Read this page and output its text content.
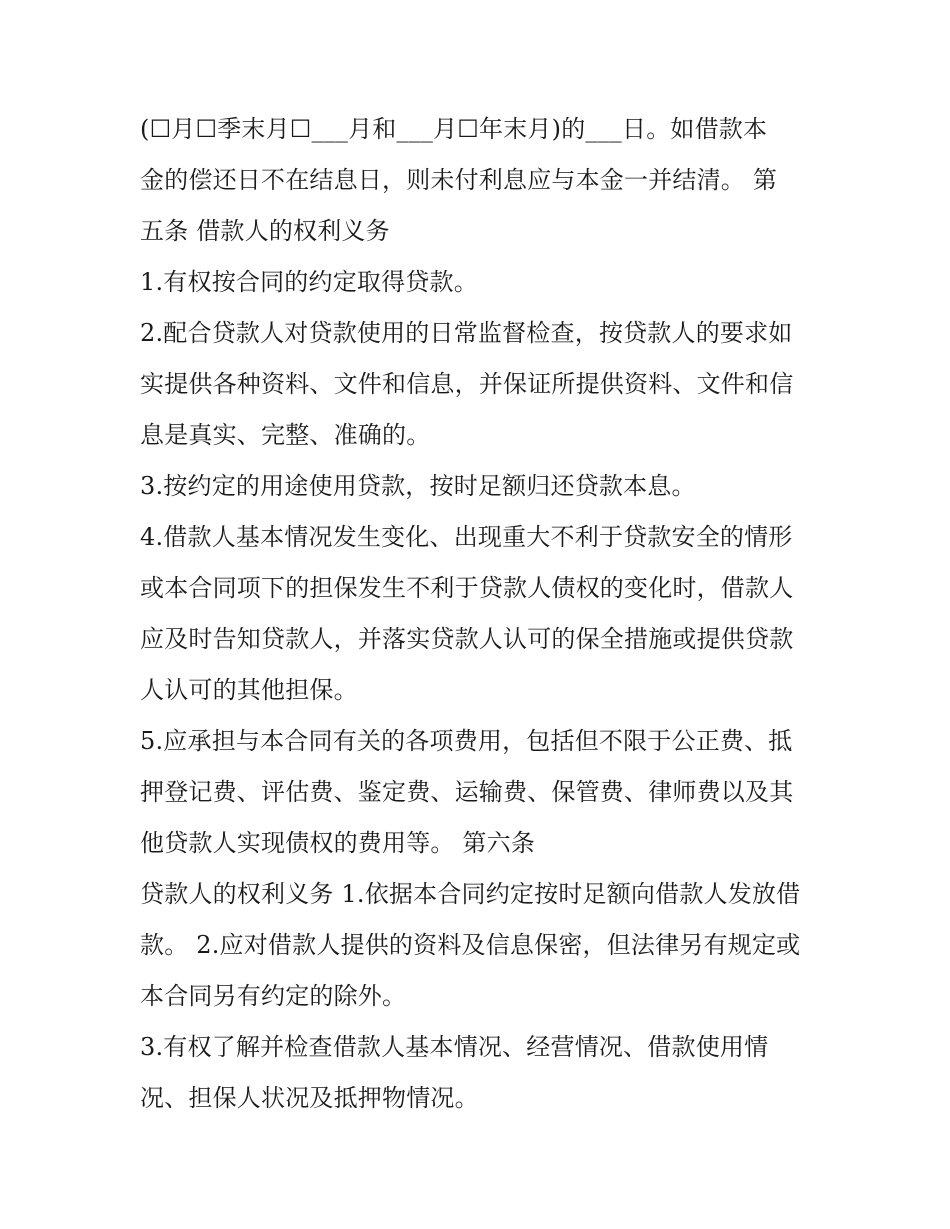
(☐月☐季末月☐___月和___月☐年末月)的___日。如借款本
金的偿还日不在结息日，则未付利息应与本金一并结清。 第
五条 借款人的权利义务
1.有权按合同的约定取得贷款。
2.配合贷款人对贷款使用的日常监督检查，按贷款人的要求如
实提供各种资料、文件和信息，并保证所提供资料、文件和信
息是真实、完整、准确的。
3.按约定的用途使用贷款，按时足额归还贷款本息。
4.借款人基本情况发生变化、出现重大不利于贷款安全的情形
或本合同项下的担保发生不利于贷款人债权的变化时，借款人
应及时告知贷款人，并落实贷款人认可的保全措施或提供贷款
人认可的其他担保。
5.应承担与本合同有关的各项费用，包括但不限于公正费、抵
押登记费、评估费、鉴定费、运输费、保管费、律师费以及其
他贷款人实现债权的费用等。 第六条
贷款人的权利义务 1.依据本合同约定按时足额向借款人发放借
款。 2.应对借款人提供的资料及信息保密，但法律另有规定或
本合同另有约定的除外。
3.有权了解并检查借款人基本情况、经营情况、借款使用情
况、担保人状况及抵押物情况。
